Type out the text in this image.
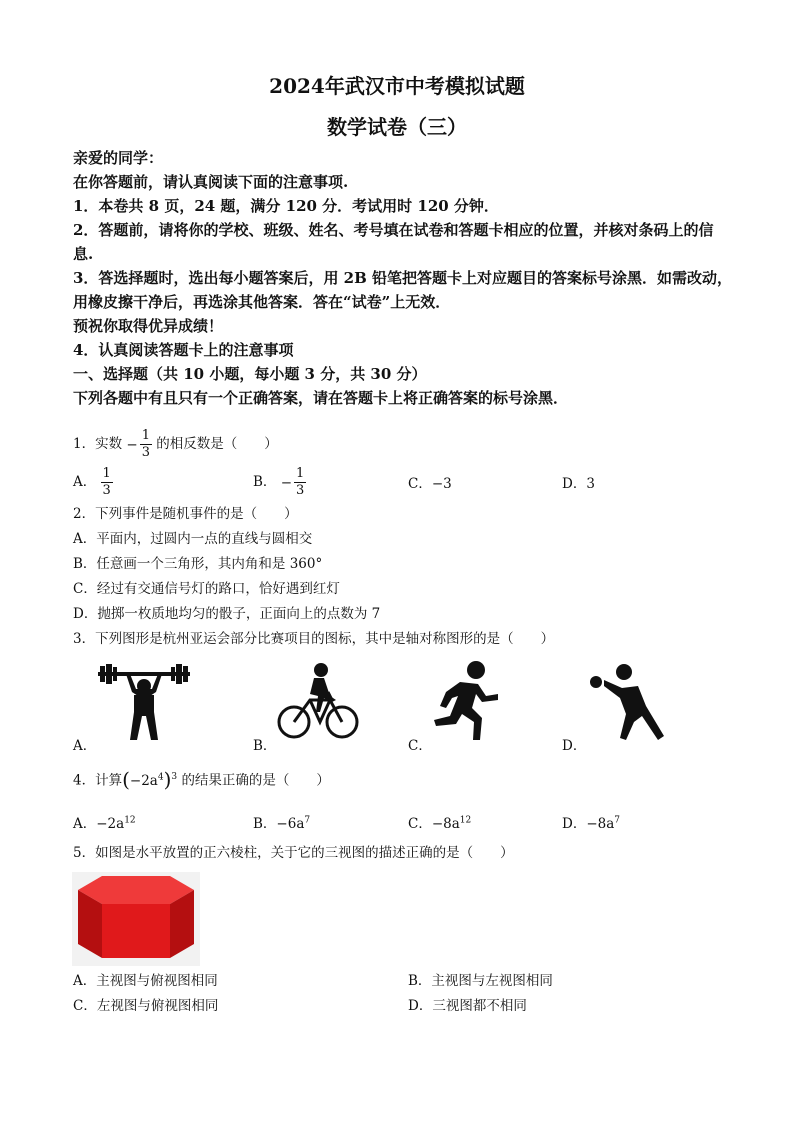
2024年武汉市中考模拟试题
数学试卷（三）

亲爱的同学：

在你答题前，请认真阅读下面的注意事项.

1．本卷共 8 页，24 题，满分 120 分．考试用时 120 分钟．

2．答题前，请将你的学校、班级、姓名、考号填在试卷和答题卡相应的位置，并核对条码上的信息.

3．答选择题时，选出每小题答案后，用 2B 铅笔把答题卡上对应题目的答案标号涂黑．如需改动，用橡皮擦干净后，再选涂其他答案．答在“试卷”上无效．

预祝你取得优异成绩！

4．认真阅读答题卡上的注意事项

一、选择题（共 10 小题，每小题 3 分，共 30 分）

下列各题中有且只有一个正确答案，请在答题卡上将正确答案的标号涂黑．

1．实数 − $\frac{1}{3}$ 的相反数是（　　）
A． $\frac{1}{3}$	B． − $\frac{1}{3}$	C．−3	D．3
2．下列事件是随机事件的是（　　）
A．平面内，过圆内一点的直线与圆相交
B．任意画一个三角形，其内角和是 360°
C．经过有交通信号灯的路口，恰好遇到红灯
D．抛掷一枚质地均匀的骰子，正面向上的点数为 7
3．下列图形是杭州亚运会部分比赛项目的图标，其中是轴对称图形的是（　　）
A．	B．	C．	D．
4．计算$(-2a^4)^3$ 的结果正确的是（　　）
A．$-2a^{12}$	B．$-6a^7$	C．$-8a^{12}$	D．$-8a^7$
5．如图是水平放置的正六棱柱，关于它的三视图的描述正确的是（　　）
A．主视图与俯视图相同	B．主视图与左视图相同
C．左视图与俯视图相同	D．三视图都不相同
